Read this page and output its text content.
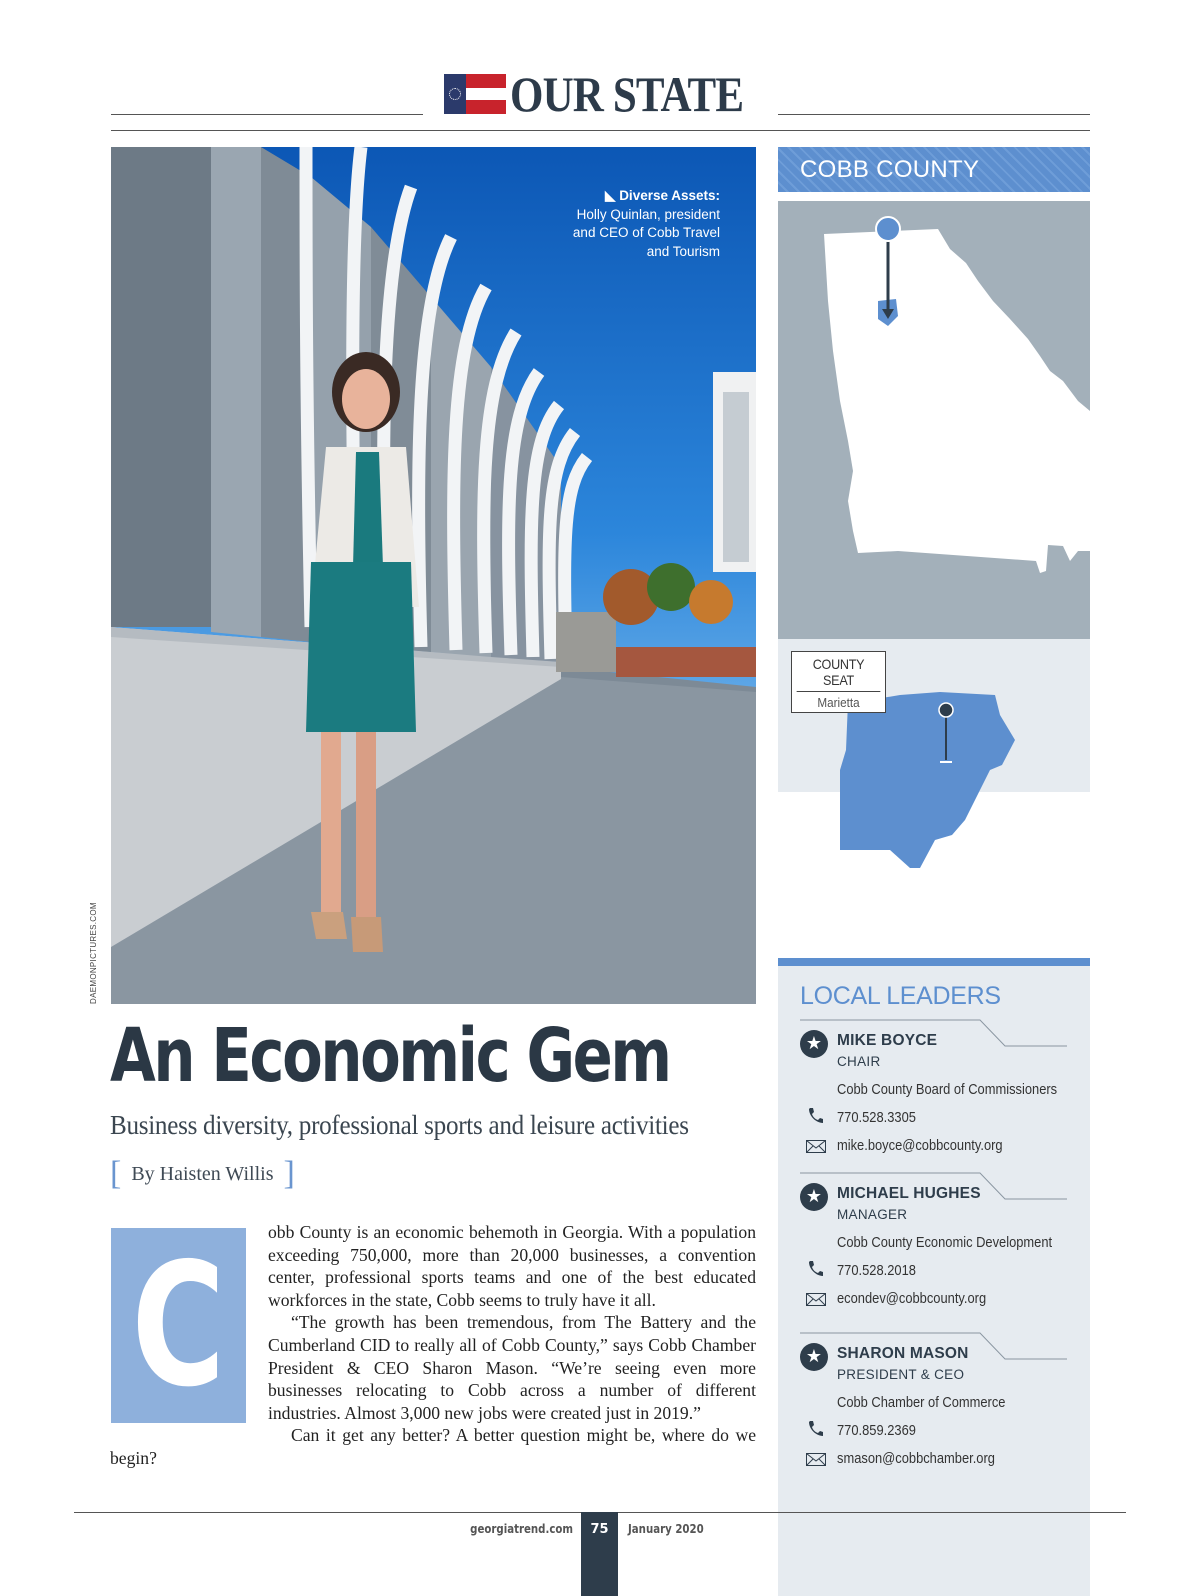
OUR STATE
◣ Diverse Assets:
Holly Quinlan, president
and CEO of Cobb Travel
and Tourism
DAEMONPICTURES.COM
An Economic Gem
Business diversity, professional sports and leisure activities
[ By Haisten Willis ]
C	obb County is an economic behemoth in Georgia. With a population exceeding 750,000, more than 20,000 businesses, a convention center, professional sports teams and one of the best educated workforces in the state, Cobb seems to truly have it all.

“The growth has been tremendous, from The Battery and the Cumberland CID to really all of Cobb County,” says Cobb Chamber President & CEO Sharon Mason. “We’re seeing even more businesses relocating to Cobb across a number of different industries. Almost 3,000 new jobs were created just in 2019.”

Can it get any better? A better question might be, where do we begin?

COBB COUNTY
COUNTY SEAT
Marietta
LOCAL LEADERS
★ MIKE BOYCE
CHAIR
Cobb County Board of Commissioners
770.528.3305
mike.boyce@cobbcounty.org
★ MICHAEL HUGHES
MANAGER
Cobb County Economic Development
770.528.2018
econdev@cobbcounty.org
★ SHARON MASON
PRESIDENT & CEO
Cobb Chamber of Commerce
770.859.2369
smason@cobbchamber.org
georgiatrend.com	75	January 2020
